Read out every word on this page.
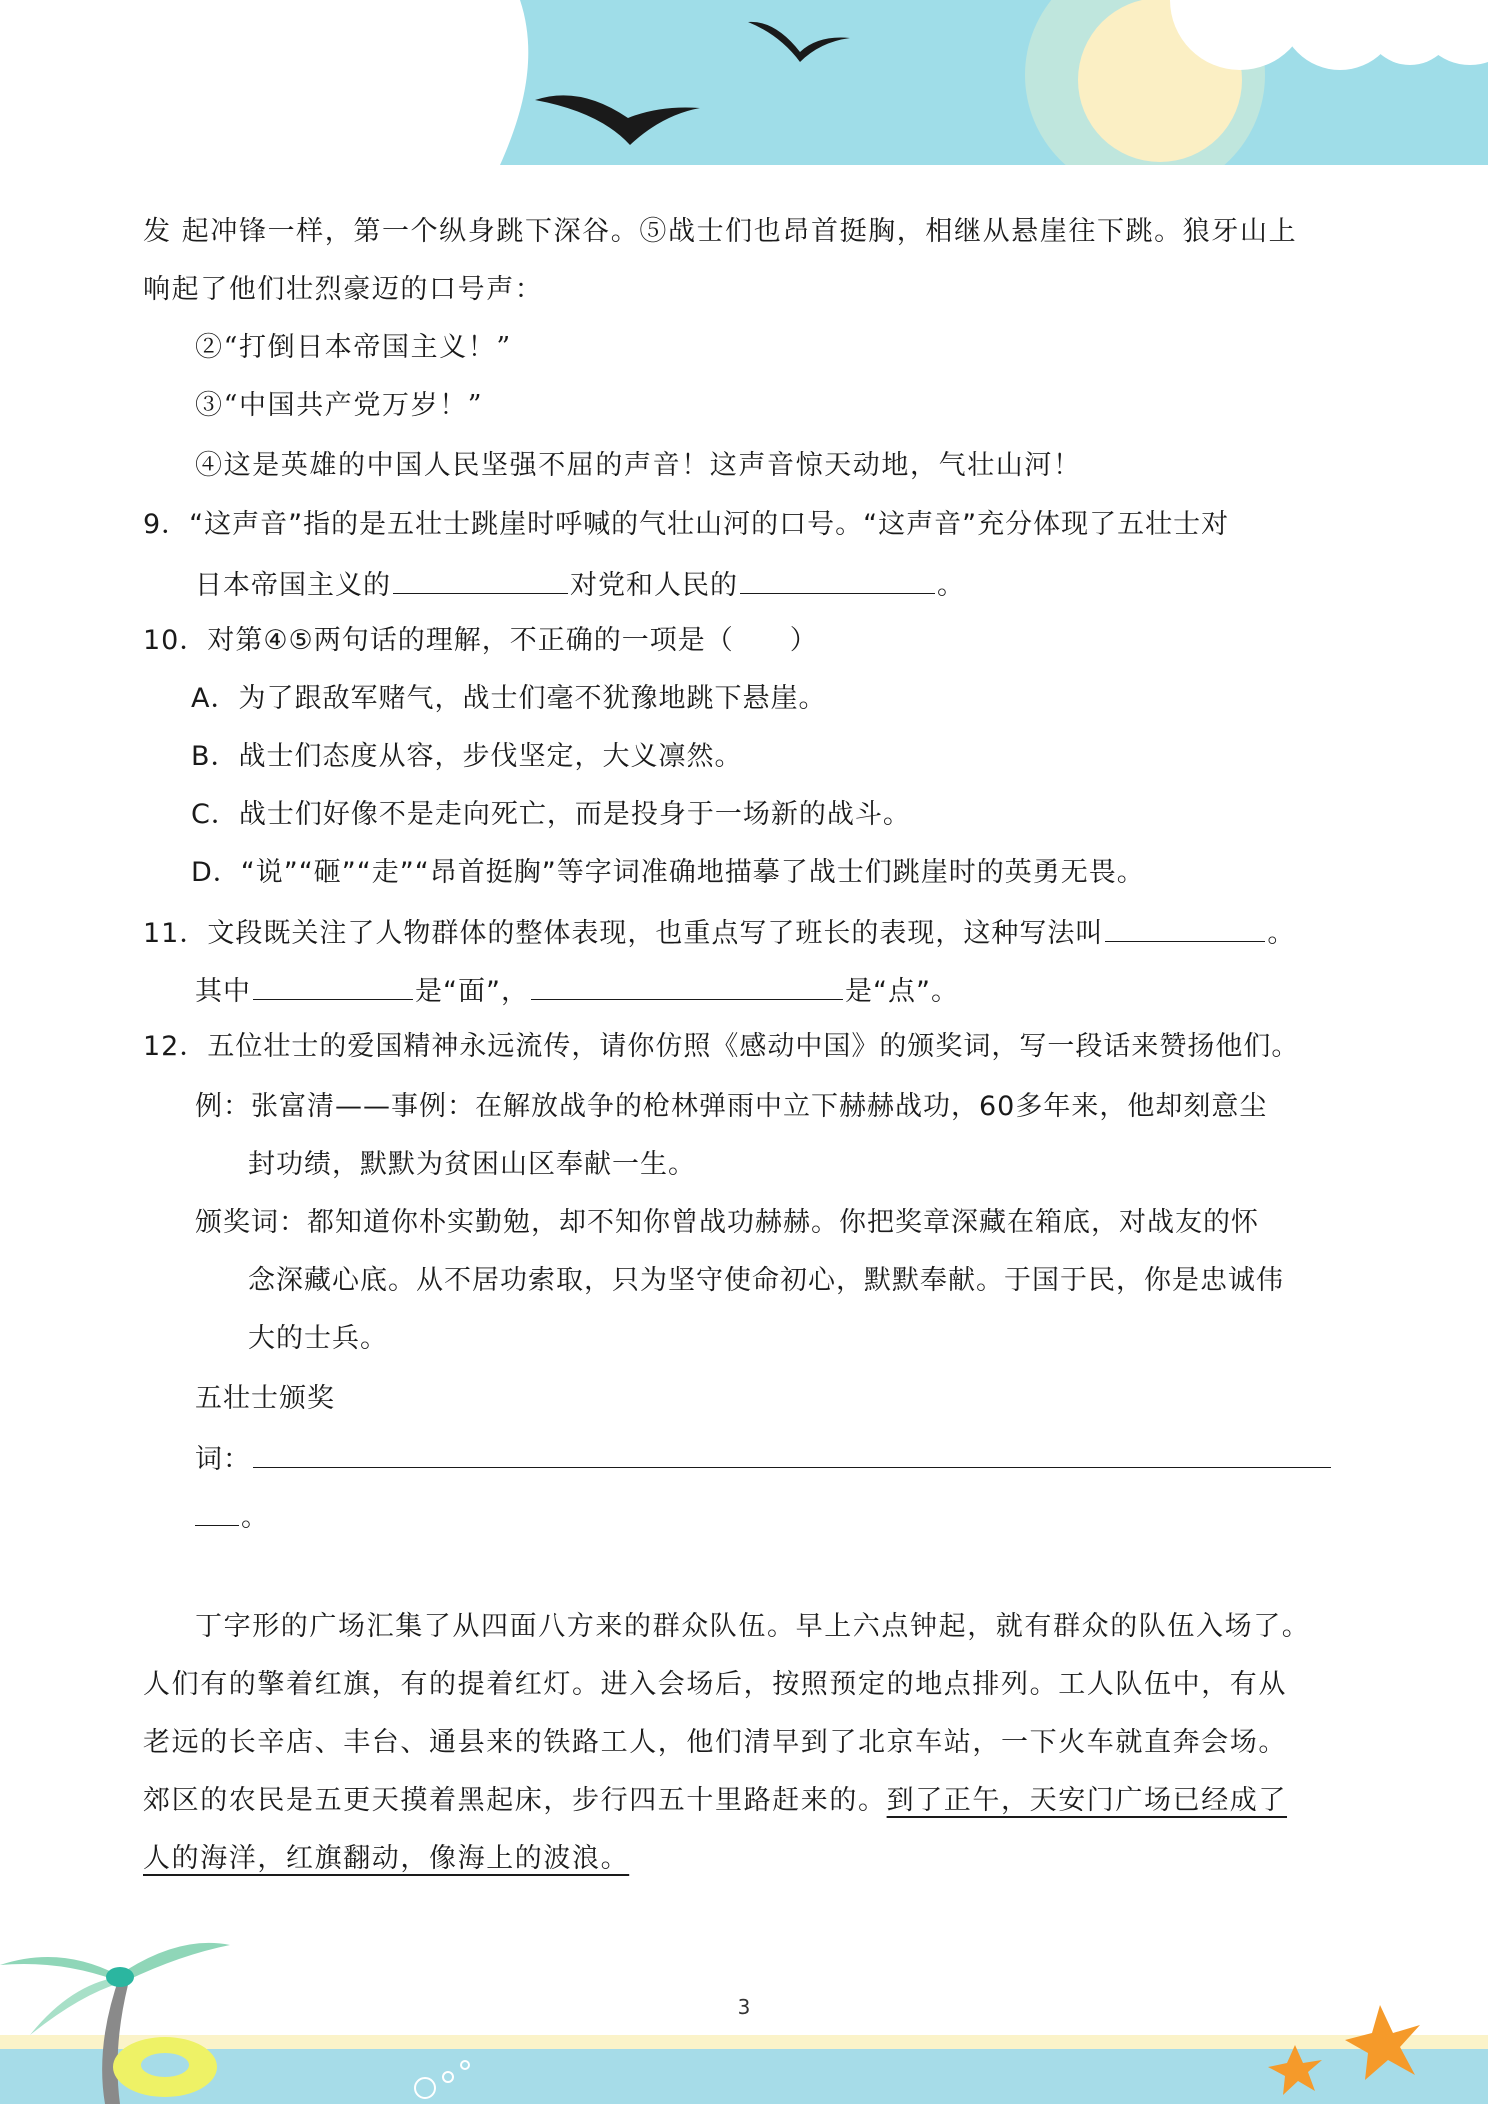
发 起冲锋一样，第一个纵身跳下深谷。⑤战士们也昂首挺胸，相继从悬崖往下跳。狼牙山上
响起了他们壮烈豪迈的口号声：
②“打倒日本帝国主义！”
③“中国共产党万岁！”
④这是英雄的中国人民坚强不屈的声音！这声音惊天动地，气壮山河！
9．“这声音”指的是五壮士跳崖时呼喊的气壮山河的口号。“这声音”充分体现了五壮士对
日本帝国主义的	对党和人民的	。
10．对第④⑤两句话的理解，不正确的一项是（　　）
A．为了跟敌军赌气，战士们毫不犹豫地跳下悬崖。
B．战士们态度从容，步伐坚定，大义凛然。
C．战士们好像不是走向死亡，而是投身于一场新的战斗。
D．“说”“砸”“走”“昂首挺胸”等字词准确地描摹了战士们跳崖时的英勇无畏。
11．文段既关注了人物群体的整体表现，也重点写了班长的表现，这种写法叫	。
其中	是“面”，	是“点”。
12．五位壮士的爱国精神永远流传，请你仿照《感动中国》的颁奖词，写一段话来赞扬他们。
例：张富清——事例：在解放战争的枪林弹雨中立下赫赫战功，60多年来，他却刻意尘
封功绩，默默为贫困山区奉献一生。
颁奖词：都知道你朴实勤勉，却不知你曾战功赫赫。你把奖章深藏在箱底，对战友的怀
念深藏心底。从不居功索取，只为坚守使命初心，默默奉献。于国于民，你是忠诚伟
大的士兵。
五壮士颁奖
词：
。
丁字形的广场汇集了从四面八方来的群众队伍。早上六点钟起，就有群众的队伍入场了。
人们有的擎着红旗，有的提着红灯。进入会场后，按照预定的地点排列。工人队伍中，有从
老远的长辛店、丰台、通县来的铁路工人，他们清早到了北京车站，一下火车就直奔会场。
郊区的农民是五更天摸着黑起床，步行四五十里路赶来的。到了正午，天安门广场已经成了
人的海洋，红旗翻动，像海上的波浪。
3
